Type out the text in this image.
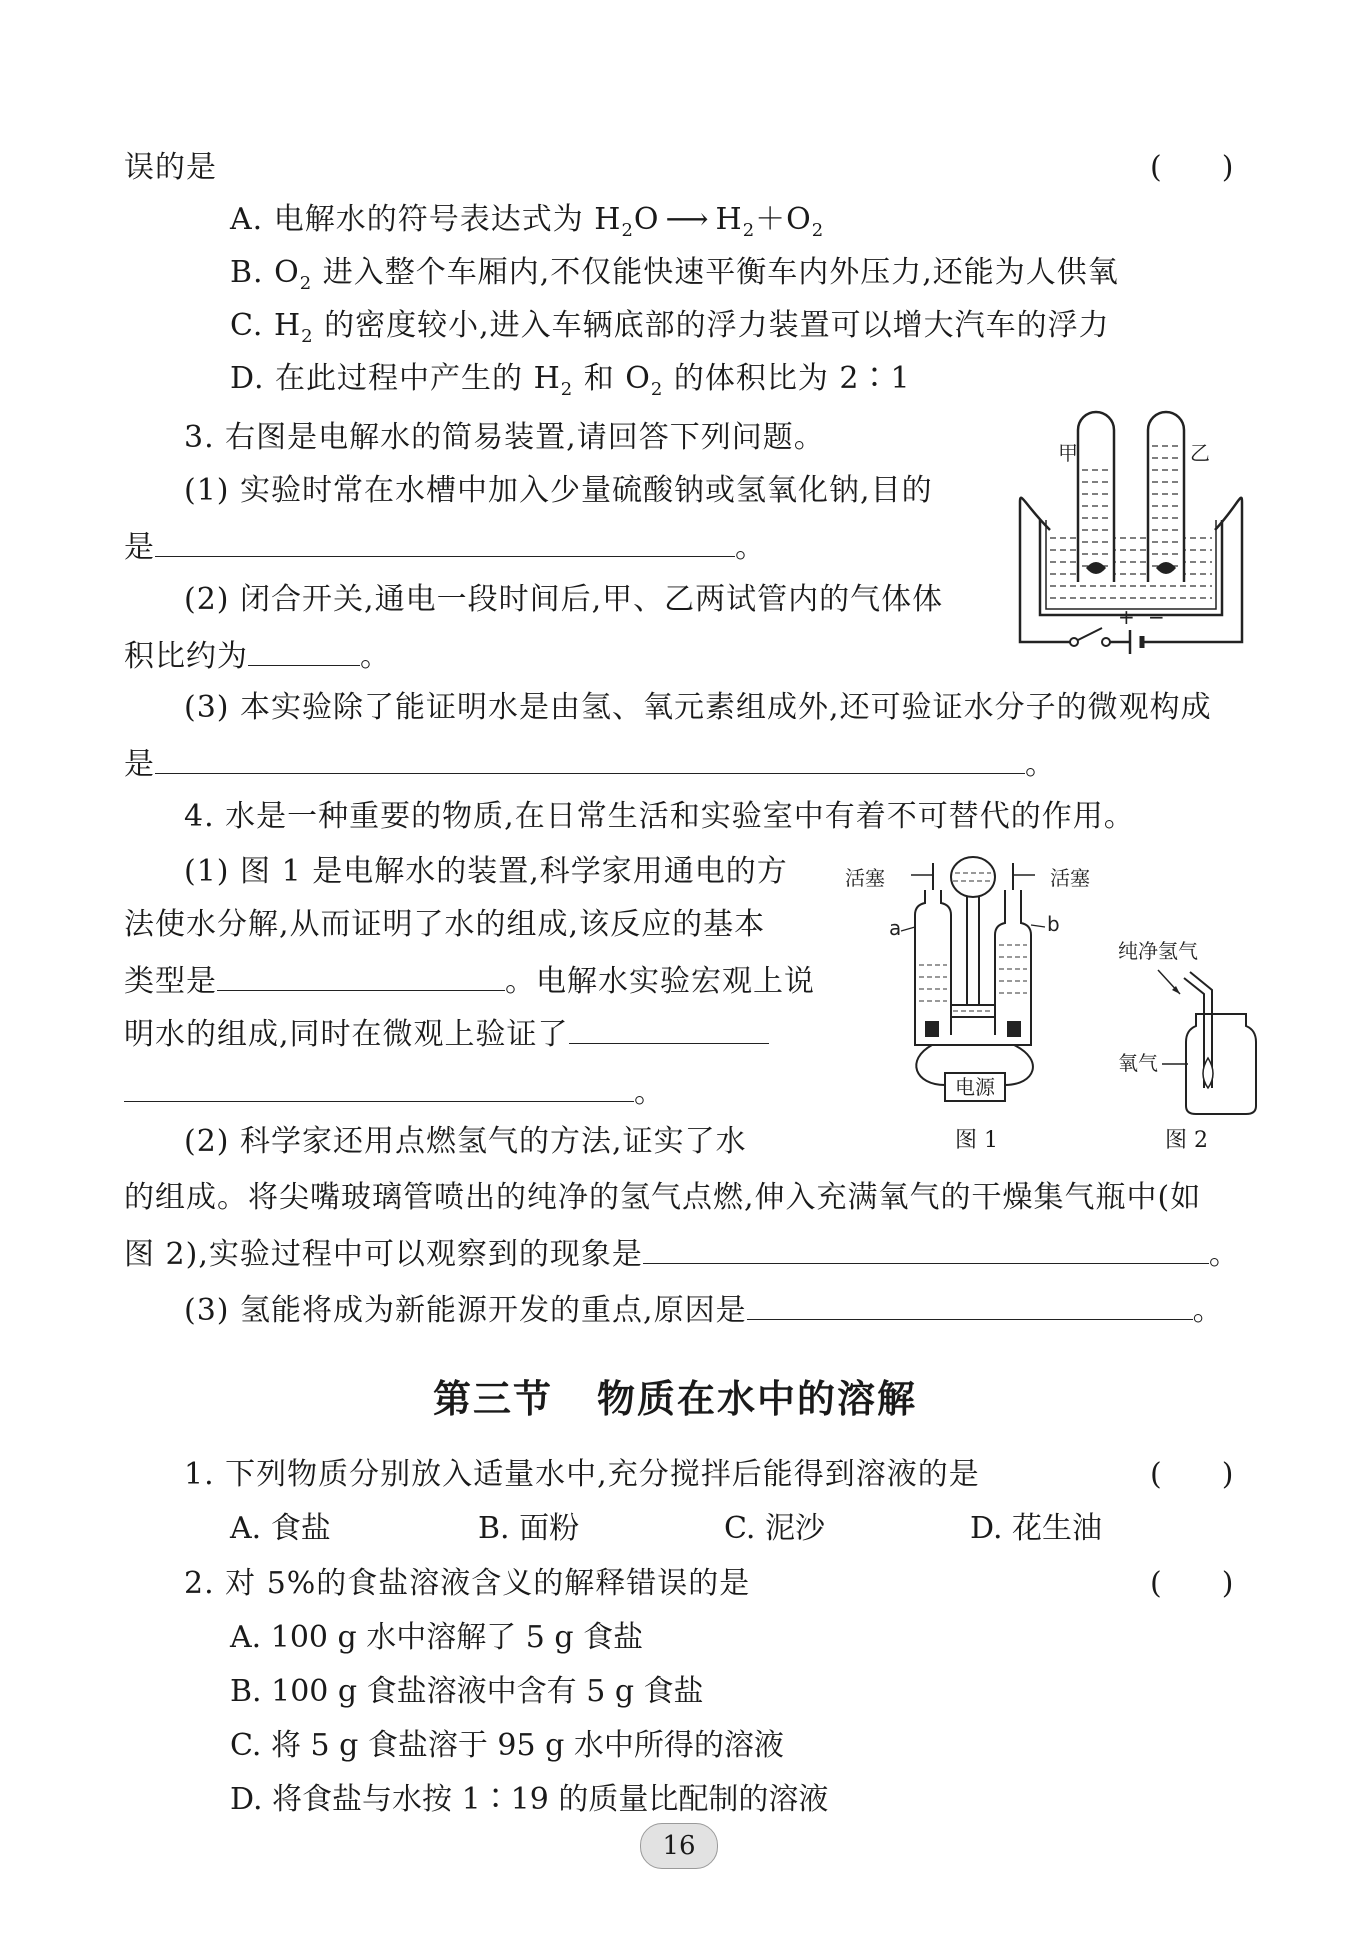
误的是	(　　)
A. 电解水的符号表达式为 $H_2O$ ⟶ $H_2+O_2$
B. $O_2$ 进入整个车厢内,不仅能快速平衡车内外压力,还能为人供氧
C. $H_2$ 的密度较小,进入车辆底部的浮力装置可以增大汽车的浮力
D. 在此过程中产生的 $H_2$ 和 $O_2$ 的体积比为 2∶1
3. 右图是电解水的简易装置,请回答下列问题。
(1) 实验时常在水槽中加入少量硫酸钠或氢氧化钠,目的
是	。
(2) 闭合开关,通电一段时间后,甲、乙两试管内的气体体
积比约为	。
(3) 本实验除了能证明水是由氢、氧元素组成外,还可验证水分子的微观构成
是	。
+ −
甲	乙
4. 水是一种重要的物质,在日常生活和实验室中有着不可替代的作用。
(1) 图 1 是电解水的装置,科学家用通电的方
法使水分解,从而证明了水的组成,该反应的基本
类型是	。电解水实验宏观上说
明水的组成,同时在微观上验证了
。
(2) 科学家还用点燃氢气的方法,证实了水
的组成。将尖嘴玻璃管喷出的纯净的氢气点燃,伸入充满氧气的干燥集气瓶中(如
图 2),实验过程中可以观察到的现象是	。
(3) 氢能将成为新能源开发的重点,原因是	。
电源
活塞	活塞
a	b
图 1
纯净氢气
氧气
图 2
第三节 物质在水中的溶解
1. 下列物质分别放入适量水中,充分搅拌后能得到溶液的是	(　　)
A. 食盐	B. 面粉	C. 泥沙	D. 花生油
2. 对 5%的食盐溶液含义的解释错误的是	(　　)
A. 100 g 水中溶解了 5 g 食盐
B. 100 g 食盐溶液中含有 5 g 食盐
C. 将 5 g 食盐溶于 95 g 水中所得的溶液
D. 将食盐与水按 1∶19 的质量比配制的溶液
16
